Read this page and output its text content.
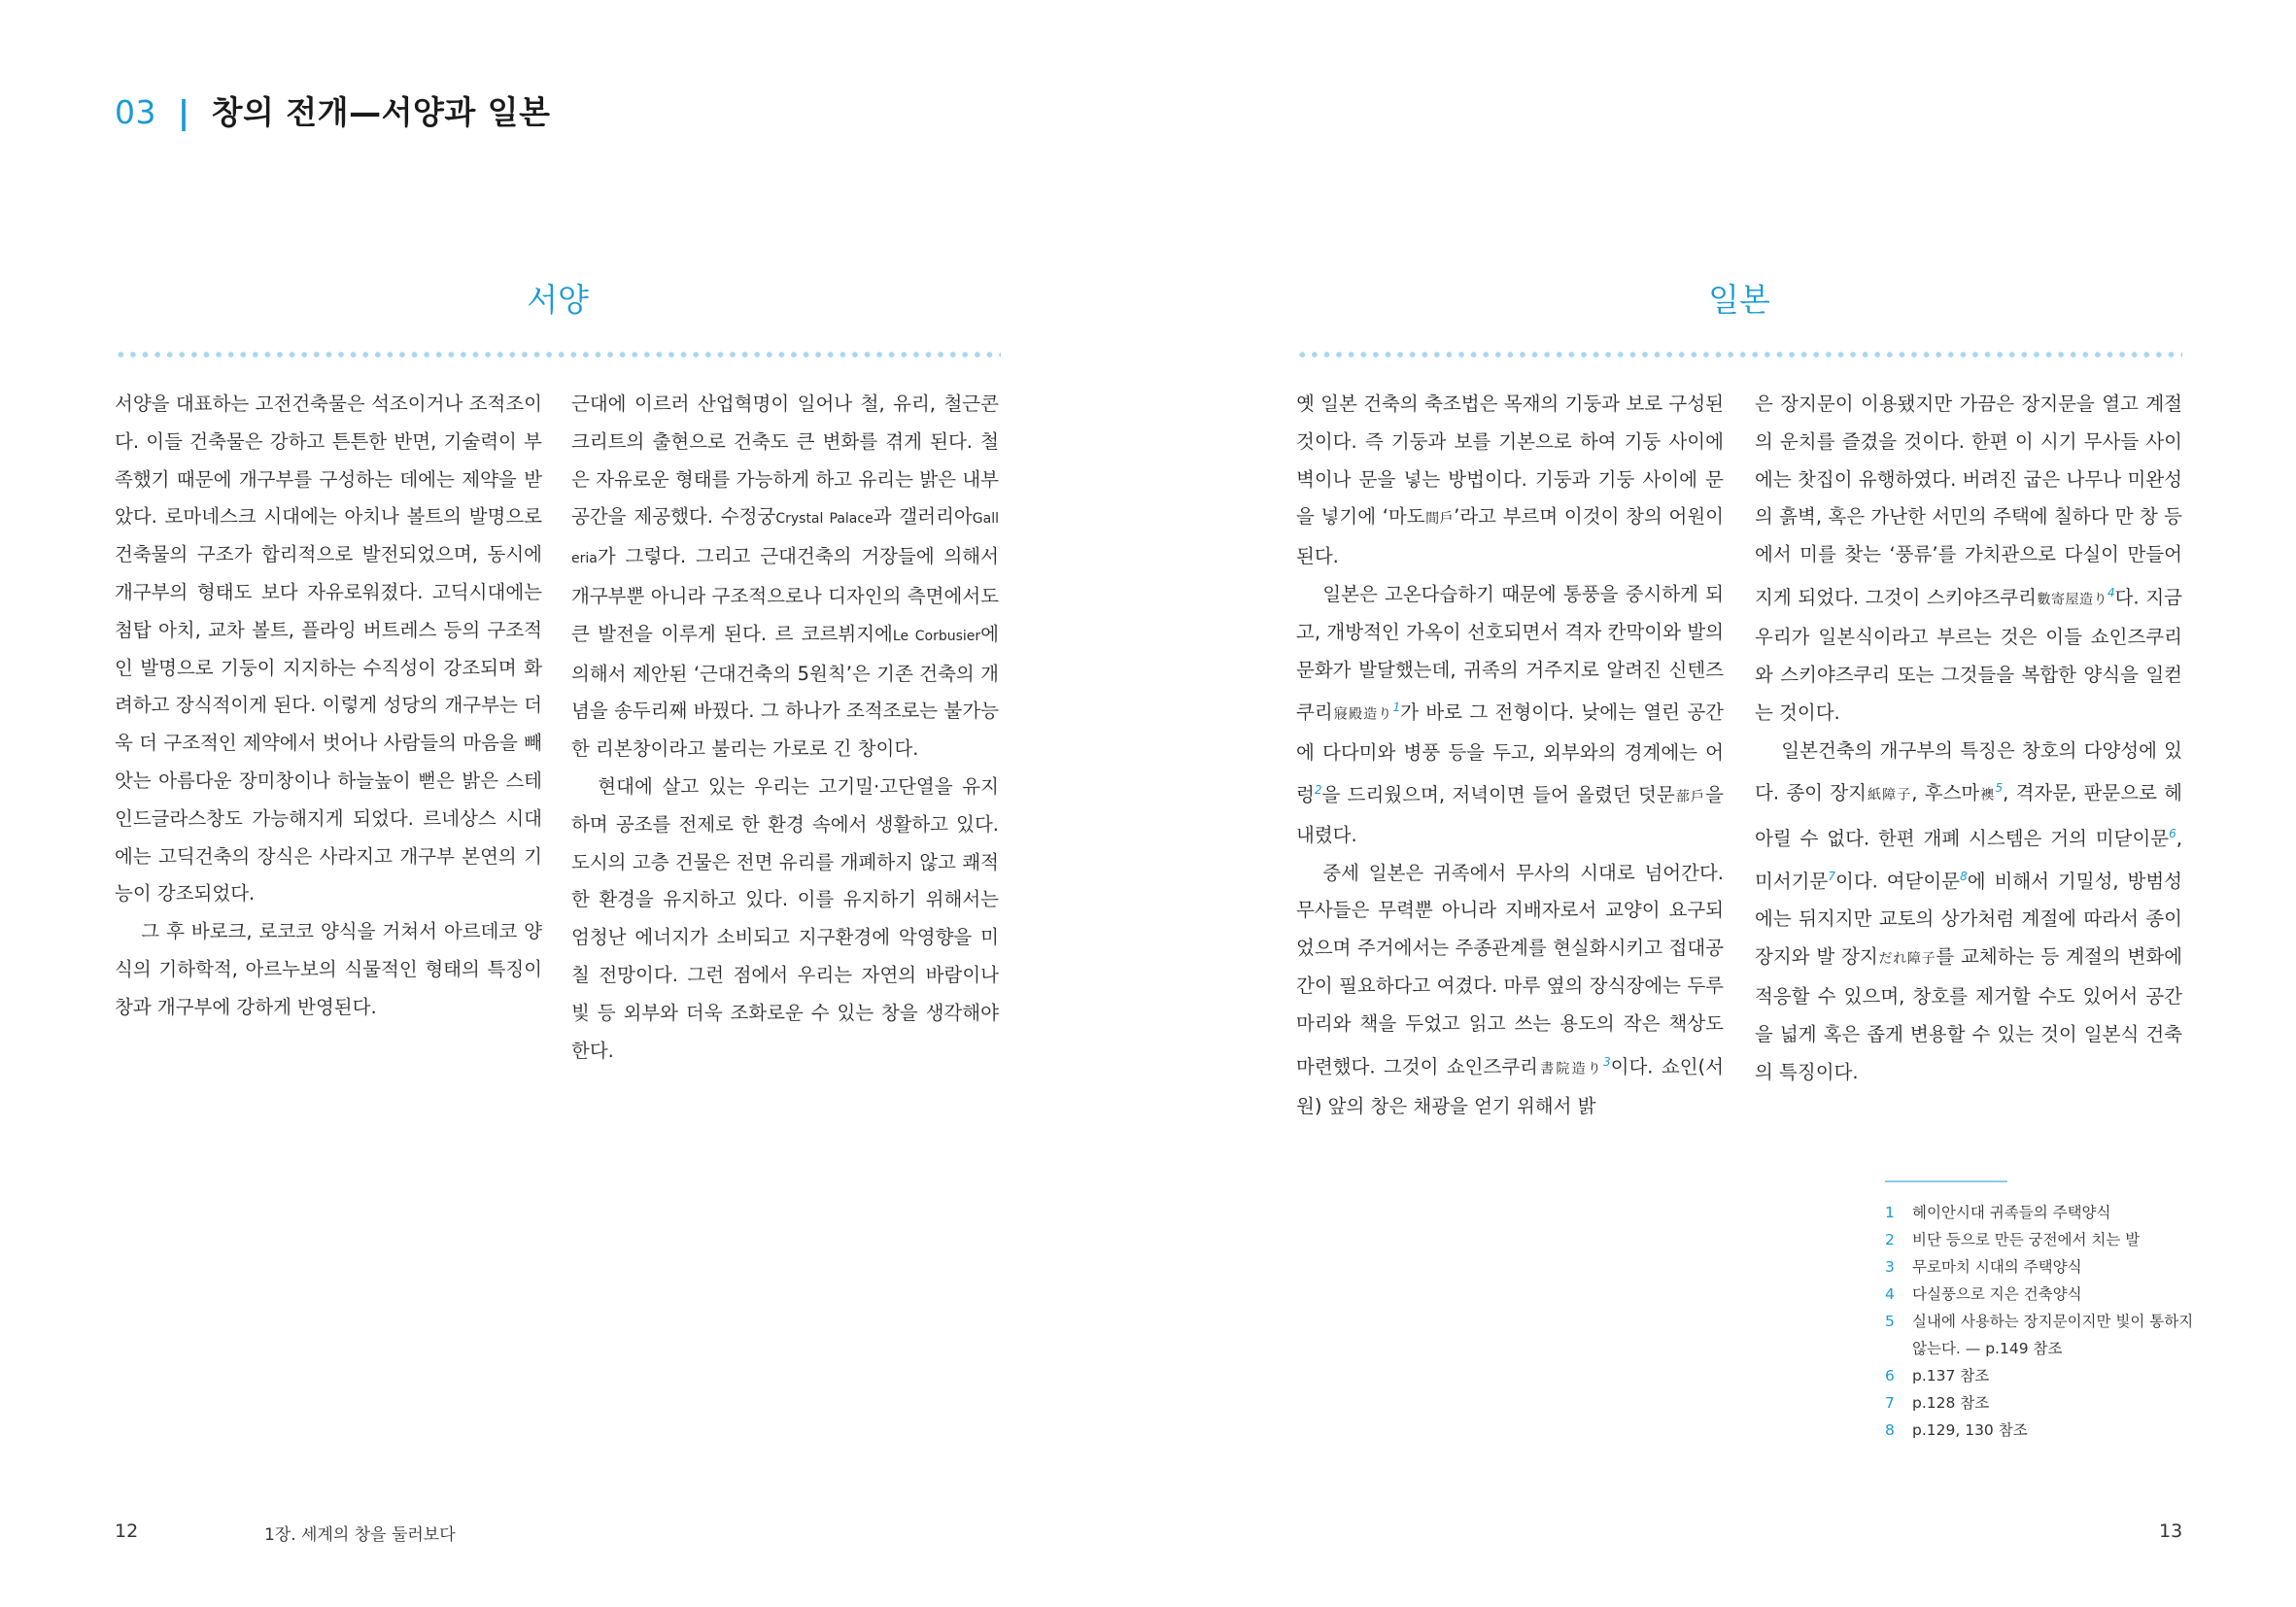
03 | 창의 전개—서양과 일본
서양	일본

서양을 대표하는 고전건축물은 석조이거나 조적조이다. 이들 건축물은 강하고 튼튼한 반면, 기술력이 부족했기 때문에 개구부를 구성하는 데에는 제약을 받았다. 로마네스크 시대에는 아치나 볼트의 발명으로 건축물의 구조가 합리적으로 발전되었으며, 동시에 개구부의 형태도 보다 자유로워졌다. 고딕시대에는 첨탑 아치, 교차 볼트, 플라잉 버트레스 등의 구조적인 발명으로 기둥이 지지하는 수직성이 강조되며 화려하고 장식적이게 된다. 이렇게 성당의 개구부는 더욱 더 구조적인 제약에서 벗어나 사람들의 마음을 빼앗는 아름다운 장미창이나 하늘높이 뻗은 밝은 스테인드글라스창도 가능해지게 되었다. 르네상스 시대에는 고딕건축의 장식은 사라지고 개구부 본연의 기능이 강조되었다.

그 후 바로크, 로코코 양식을 거쳐서 아르데코 양식의 기하학적, 아르누보의 식물적인 형태의 특징이 창과 개구부에 강하게 반영된다.

근대에 이르러 산업혁명이 일어나 철, 유리, 철근콘크리트의 출현으로 건축도 큰 변화를 겪게 된다. 철은 자유로운 형태를 가능하게 하고 유리는 밝은 내부공간을 제공했다. 수정궁Crystal Palace과 갤러리아Galleria가 그렇다. 그리고 근대건축의 거장들에 의해서 개구부뿐 아니라 구조적으로나 디자인의 측면에서도 큰 발전을 이루게 된다. 르 코르뷔지에Le Corbusier에 의해서 제안된 ‘근대건축의 5원칙’은 기존 건축의 개념을 송두리째 바꿨다. 그 하나가 조적조로는 불가능한 리본창이라고 불리는 가로로 긴 창이다.

현대에 살고 있는 우리는 고기밀·고단열을 유지하며 공조를 전제로 한 환경 속에서 생활하고 있다. 도시의 고층 건물은 전면 유리를 개폐하지 않고 쾌적한 환경을 유지하고 있다. 이를 유지하기 위해서는 엄청난 에너지가 소비되고 지구환경에 악영향을 미칠 전망이다. 그런 점에서 우리는 자연의 바람이나 빛 등 외부와 더욱 조화로운 수 있는 창을 생각해야 한다.

옛 일본 건축의 축조법은 목재의 기둥과 보로 구성된 것이다. 즉 기둥과 보를 기본으로 하여 기둥 사이에 벽이나 문을 넣는 방법이다. 기둥과 기둥 사이에 문을 넣기에 ‘마도間戶’라고 부르며 이것이 창의 어원이 된다.

일본은 고온다습하기 때문에 통풍을 중시하게 되고, 개방적인 가옥이 선호되면서 격자 칸막이와 발의 문화가 발달했는데, 귀족의 거주지로 알려진 신텐즈쿠리寢殿造り$^1$가 바로 그 전형이다. 낮에는 열린 공간에 다다미와 병풍 등을 두고, 외부와의 경계에는 어렁$^2$을 드리웠으며, 저녁이면 들어 올렸던 덧문蔀戶을 내렸다.

중세 일본은 귀족에서 무사의 시대로 넘어간다. 무사들은 무력뿐 아니라 지배자로서 교양이 요구되었으며 주거에서는 주종관계를 현실화시키고 접대공간이 필요하다고 여겼다. 마루 옆의 장식장에는 두루마리와 책을 두었고 읽고 쓰는 용도의 작은 책상도 마련했다. 그것이 쇼인즈쿠리書院造り$^3$이다. 쇼인(서원) 앞의 창은 채광을 얻기 위해서 밝

은 장지문이 이용됐지만 가끔은 장지문을 열고 계절의 운치를 즐겼을 것이다. 한편 이 시기 무사들 사이에는 찻집이 유행하였다. 버려진 굽은 나무나 미완성의 흙벽, 혹은 가난한 서민의 주택에 칠하다 만 창 등에서 미를 찾는 ‘풍류’를 가치관으로 다실이 만들어지게 되었다. 그것이 스키야즈쿠리數寄屋造り$^4$다. 지금 우리가 일본식이라고 부르는 것은 이들 쇼인즈쿠리와 스키야즈쿠리 또는 그것들을 복합한 양식을 일컫는 것이다.

일본건축의 개구부의 특징은 창호의 다양성에 있다. 종이 장지紙障子, 후스마襖$^5$, 격자문, 판문으로 헤아릴 수 없다. 한편 개폐 시스템은 거의 미닫이문$^6$, 미서기문$^7$이다. 여닫이문$^8$에 비해서 기밀성, 방범성에는 뒤지지만 교토의 상가처럼 계절에 따라서 종이 장지와 발 장지だれ障子를 교체하는 등 계절의 변화에 적응할 수 있으며, 창호를 제거할 수도 있어서 공간을 넓게 혹은 좁게 변용할 수 있는 것이 일본식 건축의 특징이다.

1	헤이안시대 귀족들의 주택양식
2	비단 등으로 만든 궁전에서 치는 발
3	무로마치 시대의 주택양식
4	다실풍으로 지은 건축양식
5	실내에 사용하는 장지문이지만 빛이 통하지 않는다. — p.149 참조
6	p.137 참조
7	p.128 참조
8	p.129, 130 참조
12	1장. 세계의 창을 둘러보다	13
